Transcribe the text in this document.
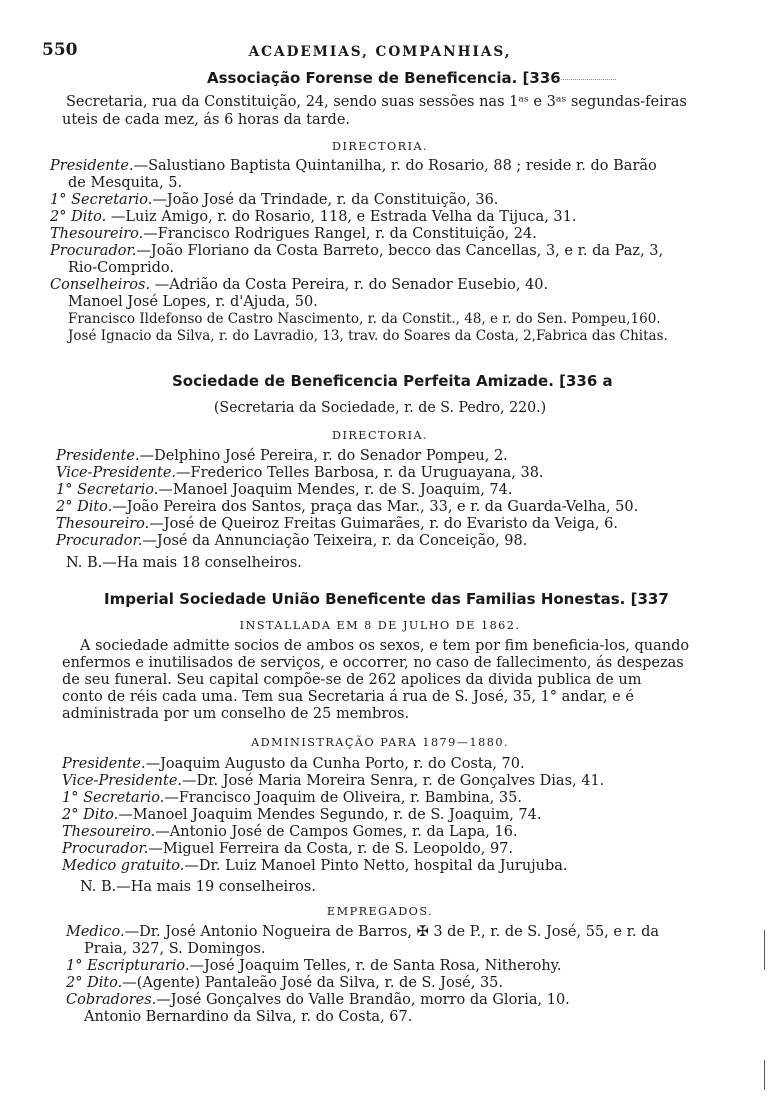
550	ACADEMIAS, COMPANHIAS,
Associação Forense de Beneficencia. [336
Secretaria, rua da Constituição, 24, sendo suas sessões nas 1ᵃˢ e 3ᵃˢ segundas-feiras
uteis de cada mez, ás 6 horas da tarde.
DIRECTORIA.
Presidente.—Salustiano Baptista Quintanilha, r. do Rosario, 88 ; reside r. do Barão
de Mesquita, 5.
1° Secretario.—João José da Trindade, r. da Constituição, 36.
2° Dito. —Luiz Amigo, r. do Rosario, 118, e Estrada Velha da Tijuca, 31.
Thesoureiro.—Francisco Rodrigues Rangel, r. da Constituição, 24.
Procurador.—João Floriano da Costa Barreto, becco das Cancellas, 3, e r. da Paz, 3,
Rio-Comprido.
Conselheiros. —Adrião da Costa Pereira, r. do Senador Eusebio, 40.
Manoel José Lopes, r. d'Ajuda, 50.
Francisco Ildefonso de Castro Nascimento, r. da Constit., 48, e r. do Sen. Pompeu,160.
José Ignacio da Silva, r. do Lavradio, 13, trav. do Soares da Costa, 2,Fabrica das Chitas.
Sociedade de Beneficencia Perfeita Amizade. [336 a
(Secretaria da Sociedade, r. de S. Pedro, 220.)
DIRECTORIA.
Presidente.—Delphino José Pereira, r. do Senador Pompeu, 2.
Vice-Presidente.—Frederico Telles Barbosa, r. da Uruguayana, 38.
1° Secretario.—Manoel Joaquim Mendes, r. de S. Joaquim, 74.
2° Dito.—João Pereira dos Santos, praça das Mar., 33, e r. da Guarda-Velha, 50.
Thesoureiro.—José de Queiroz Freitas Guimarães, r. do Evaristo da Veiga, 6.
Procurador.—José da Annunciação Teixeira, r. da Conceição, 98.
N. B.—Ha mais 18 conselheiros.
Imperial Sociedade União Beneficente das Familias Honestas. [337
INSTALLADA EM 8 DE JULHO DE 1862.
A sociedade admitte socios de ambos os sexos, e tem por fim beneficia-los, quando
enfermos e inutilisados de serviços, e occorrer, no caso de fallecimento, ás despezas
de seu funeral. Seu capital compõe-se de 262 apolices da divida publica de um
conto de réis cada uma. Tem sua Secretaria á rua de S. José, 35, 1° andar, e é
administrada por um conselho de 25 membros.
ADMINISTRAÇÃO PARA 1879—1880.
Presidente.—Joaquim Augusto da Cunha Porto, r. do Costa, 70.
Vice-Presidente.—Dr. José Maria Moreira Senra, r. de Gonçalves Dias, 41.
1° Secretario.—Francisco Joaquim de Oliveira, r. Bambina, 35.
2° Dito.—Manoel Joaquim Mendes Segundo, r. de S. Joaquim, 74.
Thesoureiro.—Antonio José de Campos Gomes, r. da Lapa, 16.
Procurador.—Miguel Ferreira da Costa, r. de S. Leopoldo, 97.
Medico gratuito.—Dr. Luiz Manoel Pinto Netto, hospital da Jurujuba.
N. B.—Ha mais 19 conselheiros.
EMPREGADOS.
Medico.—Dr. José Antonio Nogueira de Barros, ✠ 3 de P., r. de S. José, 55, e r. da
Praia, 327, S. Domingos.
1° Escripturario.—José Joaquim Telles, r. de Santa Rosa, Nitherohy.
2° Dito.—(Agente) Pantaleão José da Silva, r. de S. José, 35.
Cobradores.—José Gonçalves do Valle Brandão, morro da Gloria, 10.
Antonio Bernardino da Silva, r. do Costa, 67.
